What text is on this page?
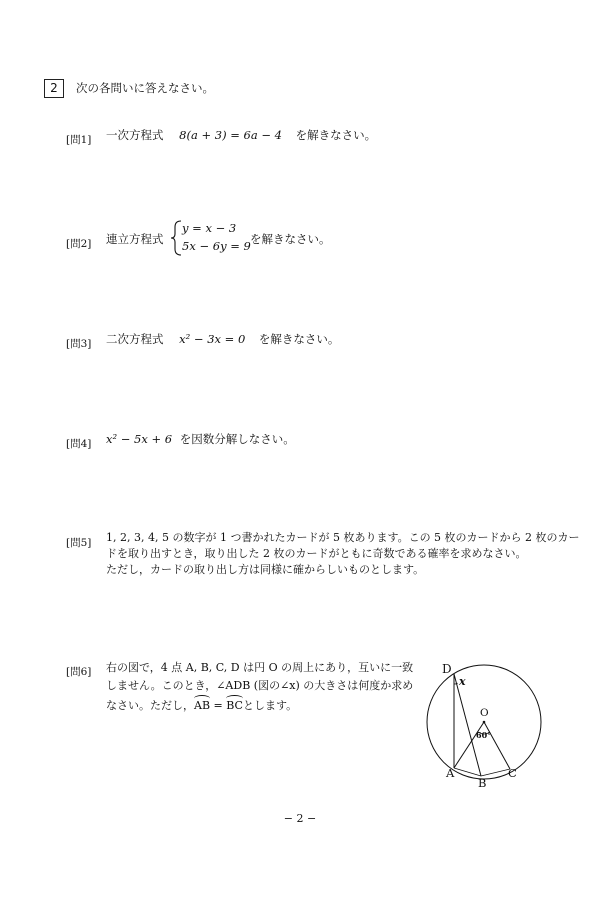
2	次の各問いに答えなさい。
[問1] 一次方程式 8(a + 3) = 6a − 4 を解きなさい。
[問2] 連立方程式
y = x − 3
5x − 6y = 9 を解きなさい。
[問3] 二次方程式 x² − 3x = 0 を解きなさい。
[問4] x² − 5x + 6 を因数分解しなさい。
[問5] 1, 2, 3, 4, 5 の数字が 1 つ書かれたカードが 5 枚あります。この 5 枚のカードから 2 枚のカー
ドを取り出すとき，取り出した 2 枚のカードがともに奇数である確率を求めなさい。
ただし，カードの取り出し方は同様に確からしいものとします。
[問6] 右の図で，4 点 A, B, C, D は円 O の周上にあり，互いに一致
しません。このとき，∠ADB (図の∠x) の大きさは何度か求め
なさい。ただし，AB = BCとします。
D
x
O
60°
A
B
C
− 2 −
